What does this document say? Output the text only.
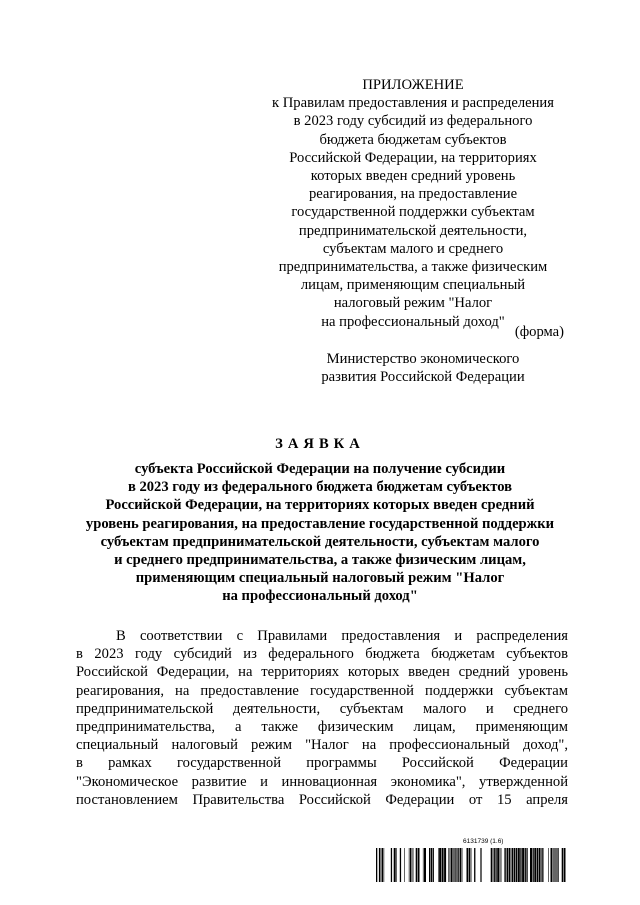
ПРИЛОЖЕНИЕ
к Правилам предоставления и распределения
в 2023 году субсидий из федерального
бюджета бюджетам субъектов
Российской Федерации, на территориях
которых введен средний уровень
реагирования, на предоставление
государственной поддержки субъектам
предпринимательской деятельности,
субъектам малого и среднего
предпринимательства, а также физическим
лицам, применяющим специальный
налоговый режим "Налог
на профессиональный доход"
(форма)
Министерство экономического
развития Российской Федерации
ЗАЯВКА
субъекта Российской Федерации на получение субсидии
в 2023 году из федерального бюджета бюджетам субъектов
Российской Федерации, на территориях которых введен средний
уровень реагирования, на предоставление государственной поддержки
субъектам предпринимательской деятельности, субъектам малого
и среднего предпринимательства, а также физическим лицам,
применяющим специальный налоговый режим "Налог
на профессиональный доход"
В соответствии с Правилами предоставления и распределения
в 2023 году субсидий из федерального бюджета бюджетам субъектов
Российской Федерации, на территориях которых введен средний уровень
реагирования, на предоставление государственной поддержки субъектам
предпринимательской деятельности, субъектам малого и среднего
предпринимательства, а также физическим лицам, применяющим
специальный налоговый режим "Налог на профессиональный доход",
в рамках государственной программы Российской Федерации
"Экономическое развитие и инновационная экономика", утвержденной
постановлением Правительства Российской Федерации от 15 апреля
6131739 (1.6)
